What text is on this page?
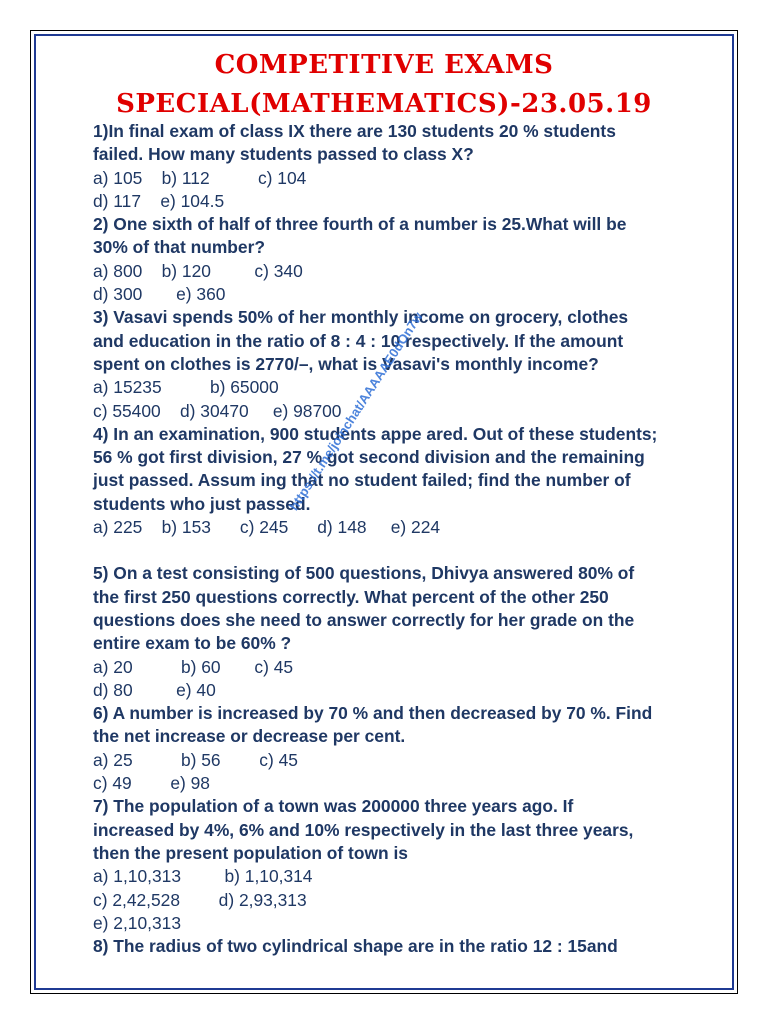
COMPETITIVE EXAMS
SPECIAL(MATHEMATICS)-23.05.19
1)In final exam of class IX there are 130 students 20 % students
failed. How many students passed to class X?
a) 105    b) 112          c) 104
d) 117    e) 104.5
2) One sixth of half of three fourth of a number is 25.What will be
30% of that number?
a) 800    b) 120         c) 340
d) 300       e) 360
3) Vasavi spends 50% of her monthly income on grocery, clothes
and education in the ratio of 8 : 4 : 10 respectively. If the amount
spent on clothes is 2770/–, what is Vasavi's monthly income?
a) 15235          b) 65000
c) 55400    d) 30470     e) 98700
4) In an examination, 900 students appe ared. Out of these students;
56 % got first division, 27 % got second division and the remaining
just passed. Assum ing that no student failed; find the number of
students who just passed.
a) 225    b) 153      c) 245      d) 148     e) 224
5) On a test consisting of 500 questions, Dhivya answered 80% of
the first 250 questions correctly. What percent of the other 250
questions does she need to answer correctly for her grade on the
entire exam to be 60% ?
a) 20          b) 60       c) 45
d) 80         e) 40
6) A number is increased by 70 % and then decreased by 70 %. Find
the net increase or decrease per cent.
a) 25          b) 56        c) 45
c) 49        e) 98
7) The population of a town was 200000 three years ago. If
increased by 4%, 6% and 10% respectively in the last three years,
then the present population of town is
a) 1,10,313         b) 1,10,314
c) 2,42,528        d) 2,93,313
e) 2,10,313
8) The radius of two cylindrical shape are in the ratio 12 : 15and
https://t.me/joinchat/AAAAAE0dOn7w
